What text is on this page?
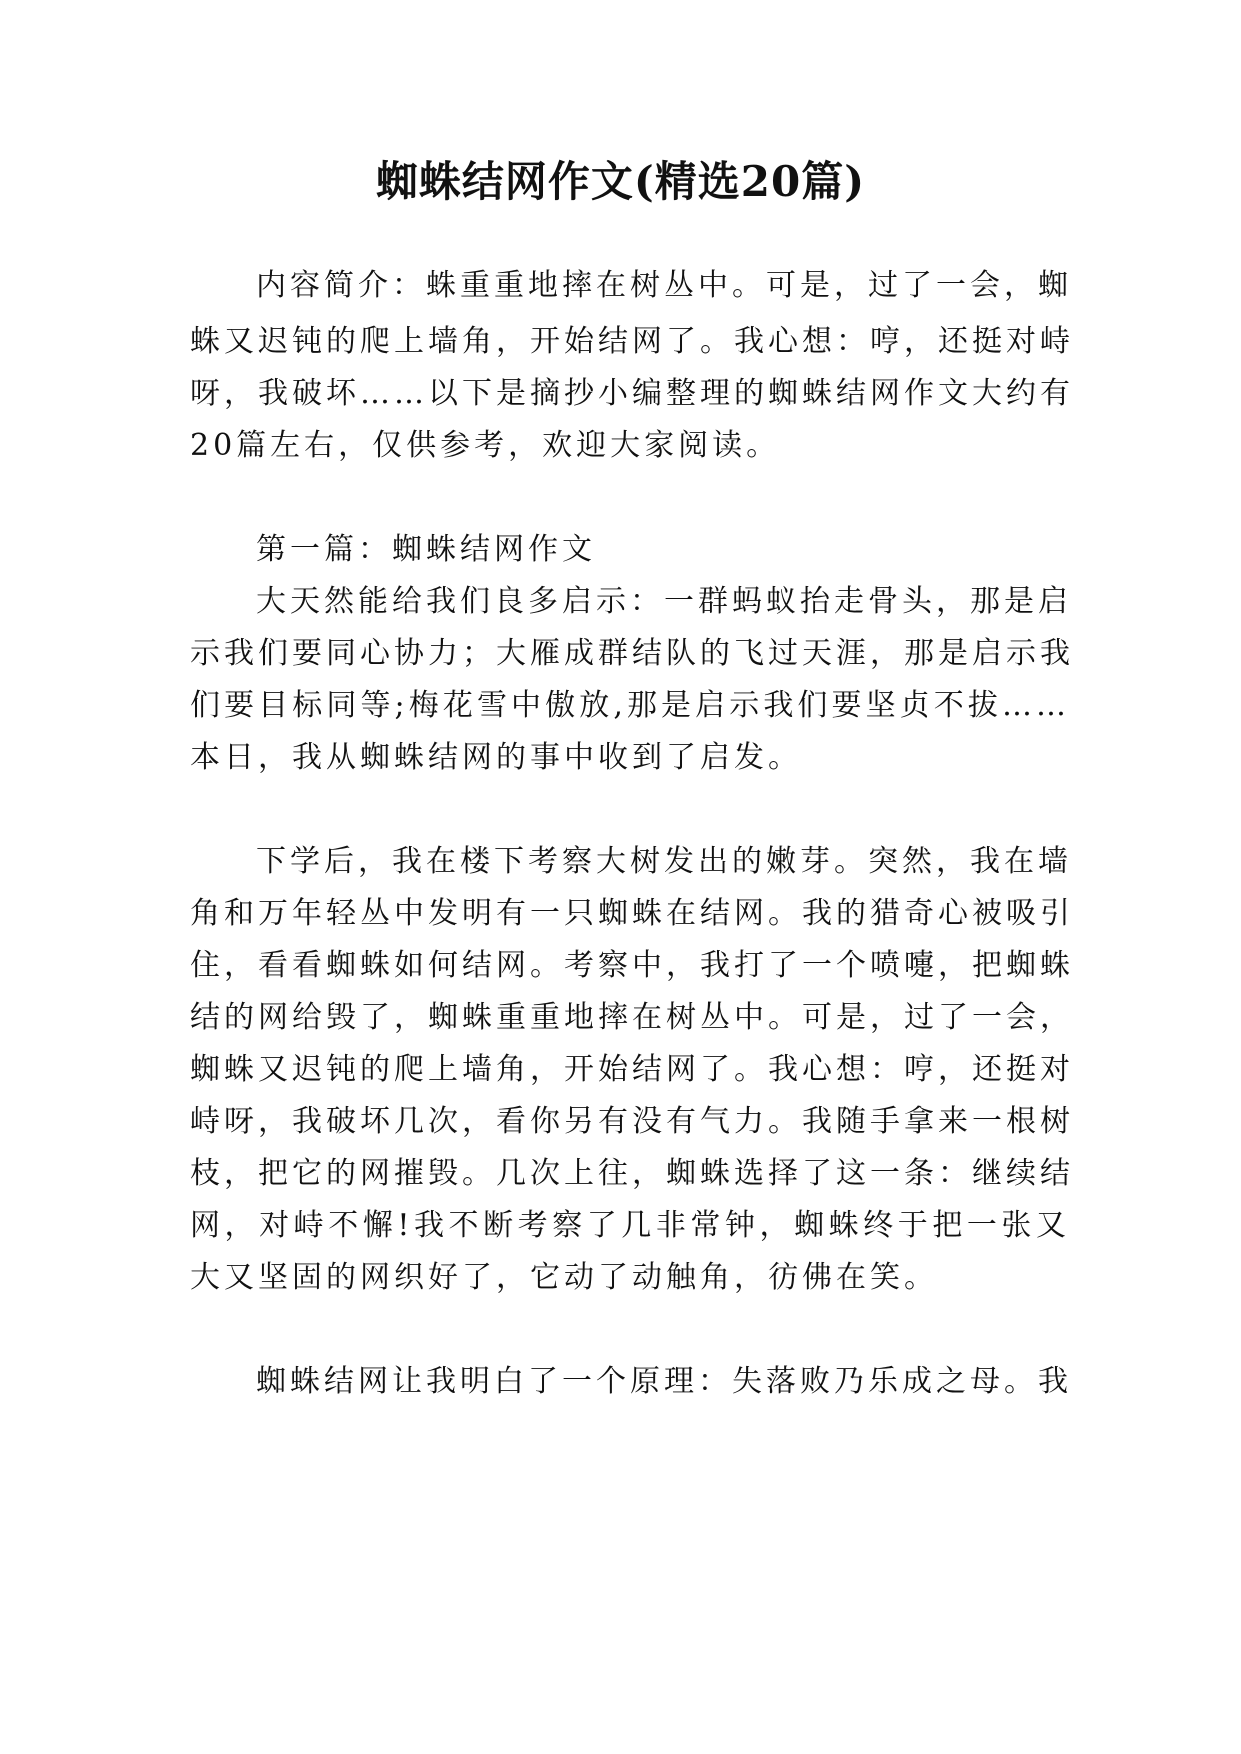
蜘蛛结网作文(精选20篇)
内容简介：蛛重重地摔在树丛中。可是，过了一会，蜘
蛛又迟钝的爬上墙角，开始结网了。我心想：哼，还挺对峙
呀，我破坏……以下是摘抄小编整理的蜘蛛结网作文大约有
20篇左右，仅供参考，欢迎大家阅读。
第一篇：蜘蛛结网作文
大天然能给我们良多启示：一群蚂蚁抬走骨头，那是启
示我们要同心协力；大雁成群结队的飞过天涯，那是启示我
们要目标同等;梅花雪中傲放,那是启示我们要坚贞不拔……
本日，我从蜘蛛结网的事中收到了启发。
下学后，我在楼下考察大树发出的嫩芽。突然，我在墙
角和万年轻丛中发明有一只蜘蛛在结网。我的猎奇心被吸引
住，看看蜘蛛如何结网。考察中，我打了一个喷嚏，把蜘蛛
结的网给毁了，蜘蛛重重地摔在树丛中。可是，过了一会，
蜘蛛又迟钝的爬上墙角，开始结网了。我心想：哼，还挺对
峙呀，我破坏几次，看你另有没有气力。我随手拿来一根树
枝，把它的网摧毁。几次上往，蜘蛛选择了这一条：继续结
网，对峙不懈!我不断考察了几非常钟，蜘蛛终于把一张又
大又坚固的网织好了，它动了动触角，彷佛在笑。
蜘蛛结网让我明白了一个原理：失落败乃乐成之母。我
